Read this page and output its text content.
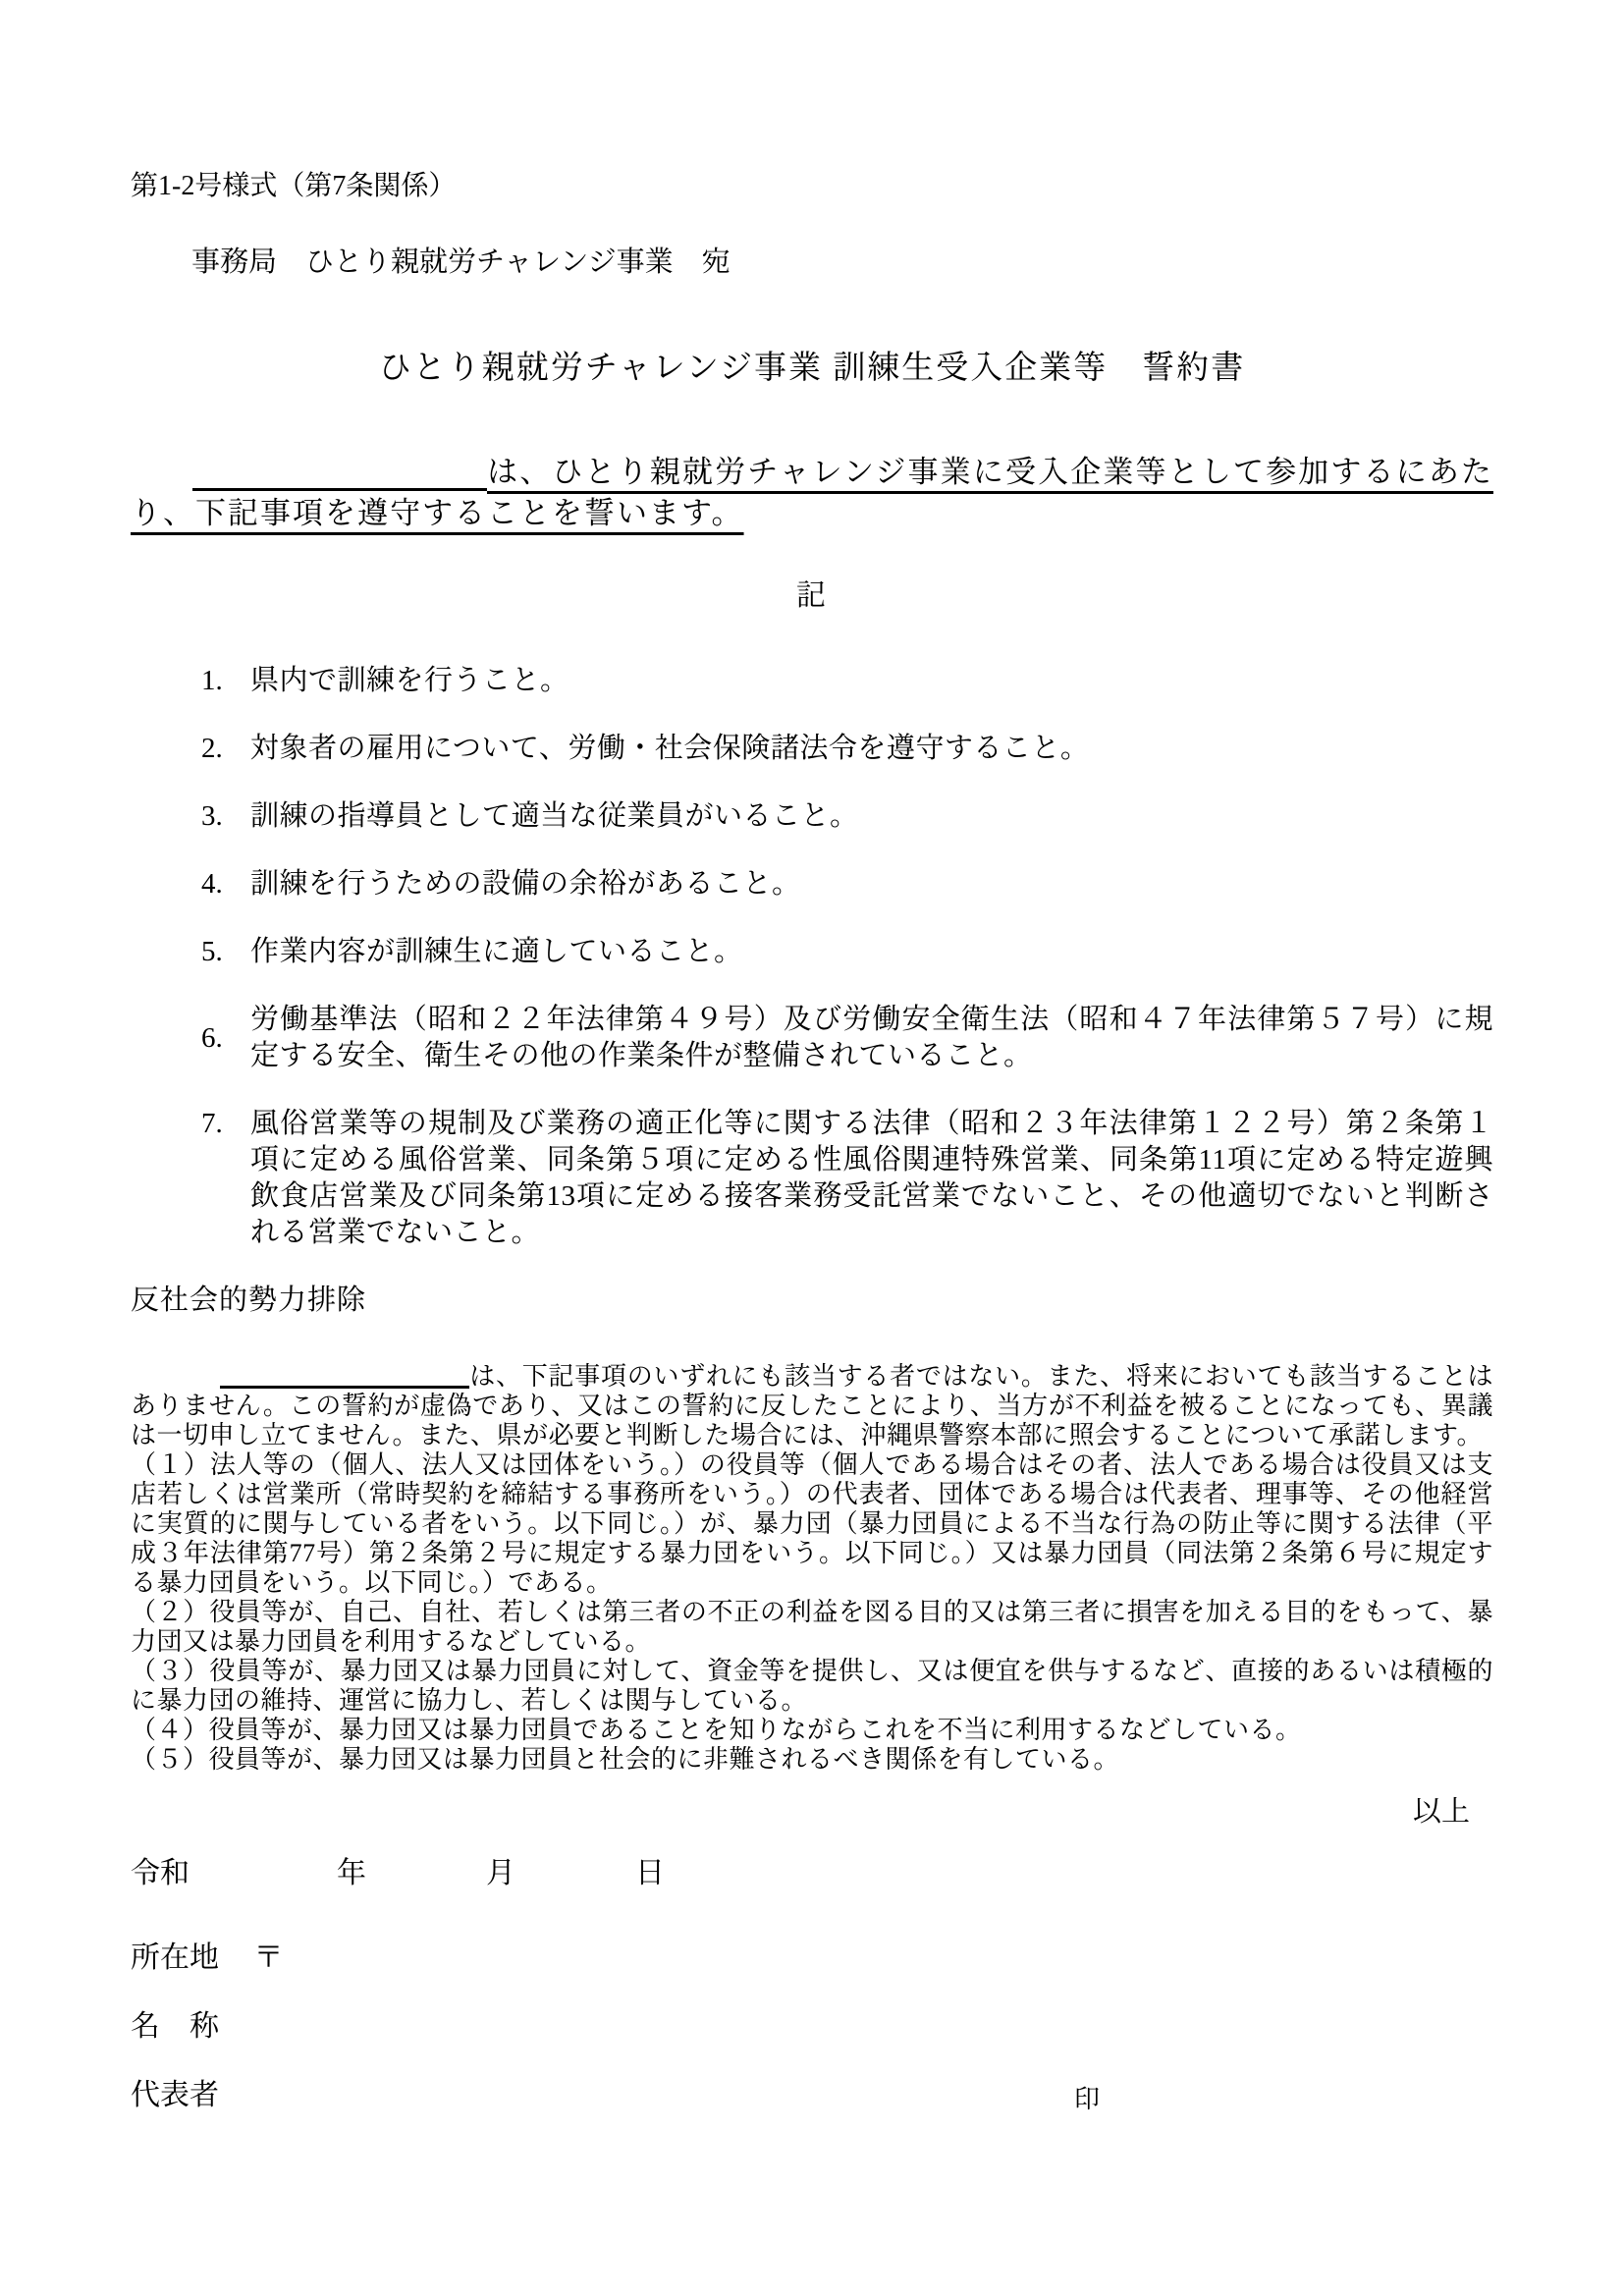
第1-2号様式（第7条関係）
事務局　ひとり親就労チャレンジ事業　宛
ひとり親就労チャレンジ事業 訓練生受入企業等　誓約書

は、ひとり親就労チャレンジ事業に受入企業等として参加するにあたり、下記事項を遵守することを誓います。

記
1. 県内で訓練を行うこと。
2. 対象者の雇用について、労働・社会保険諸法令を遵守すること。
3. 訓練の指導員として適当な従業員がいること。
4. 訓練を行うための設備の余裕があること。
5. 作業内容が訓練生に適していること。
6.
労働基準法（昭和２２年法律第４９号）及び労働安全衛生法（昭和４７年法律第５７号）に規定する安全、衛生その他の作業条件が整備されていること。
7. 風俗営業等の規制及び業務の適正化等に関する法律（昭和２３年法律第１２２号）第２条第１項に定める風俗営業、同条第５項に定める性風俗関連特殊営業、同条第11項に定める特定遊興飲食店営業及び同条第13項に定める接客業務受託営業でないこと、その他適切でないと判断される営業でないこと。
反社会的勢力排除

は、下記事項のいずれにも該当する者ではない。また、将来においても該当することはありません。この誓約が虚偽であり、又はこの誓約に反したことにより、当方が不利益を被ることになっても、異議は一切申し立てません。また、県が必要と判断した場合には、沖縄県警察本部に照会することについて承諾します。

（１）法人等の（個人、法人又は団体をいう。）の役員等（個人である場合はその者、法人である場合は役員又は支店若しくは営業所（常時契約を締結する事務所をいう。）の代表者、団体である場合は代表者、理事等、その他経営に実質的に関与している者をいう。以下同じ。）が、暴力団（暴力団員による不当な行為の防止等に関する法律（平成３年法律第77号）第２条第２号に規定する暴力団をいう。以下同じ。）又は暴力団員（同法第２条第６号に規定する暴力団員をいう。以下同じ。）である。

（２）役員等が、自己、自社、若しくは第三者の不正の利益を図る目的又は第三者に損害を加える目的をもって、暴力団又は暴力団員を利用するなどしている。

（３）役員等が、暴力団又は暴力団員に対して、資金等を提供し、又は便宜を供与するなど、直接的あるいは積極的に暴力団の維持、運営に協力し、若しくは関与している。

（４）役員等が、暴力団又は暴力団員であることを知りながらこれを不当に利用するなどしている。

（５）役員等が、暴力団又は暴力団員と社会的に非難されるべき関係を有している。

以上
令和	年	月	日
所在地 〒
名　称
代表者	印
